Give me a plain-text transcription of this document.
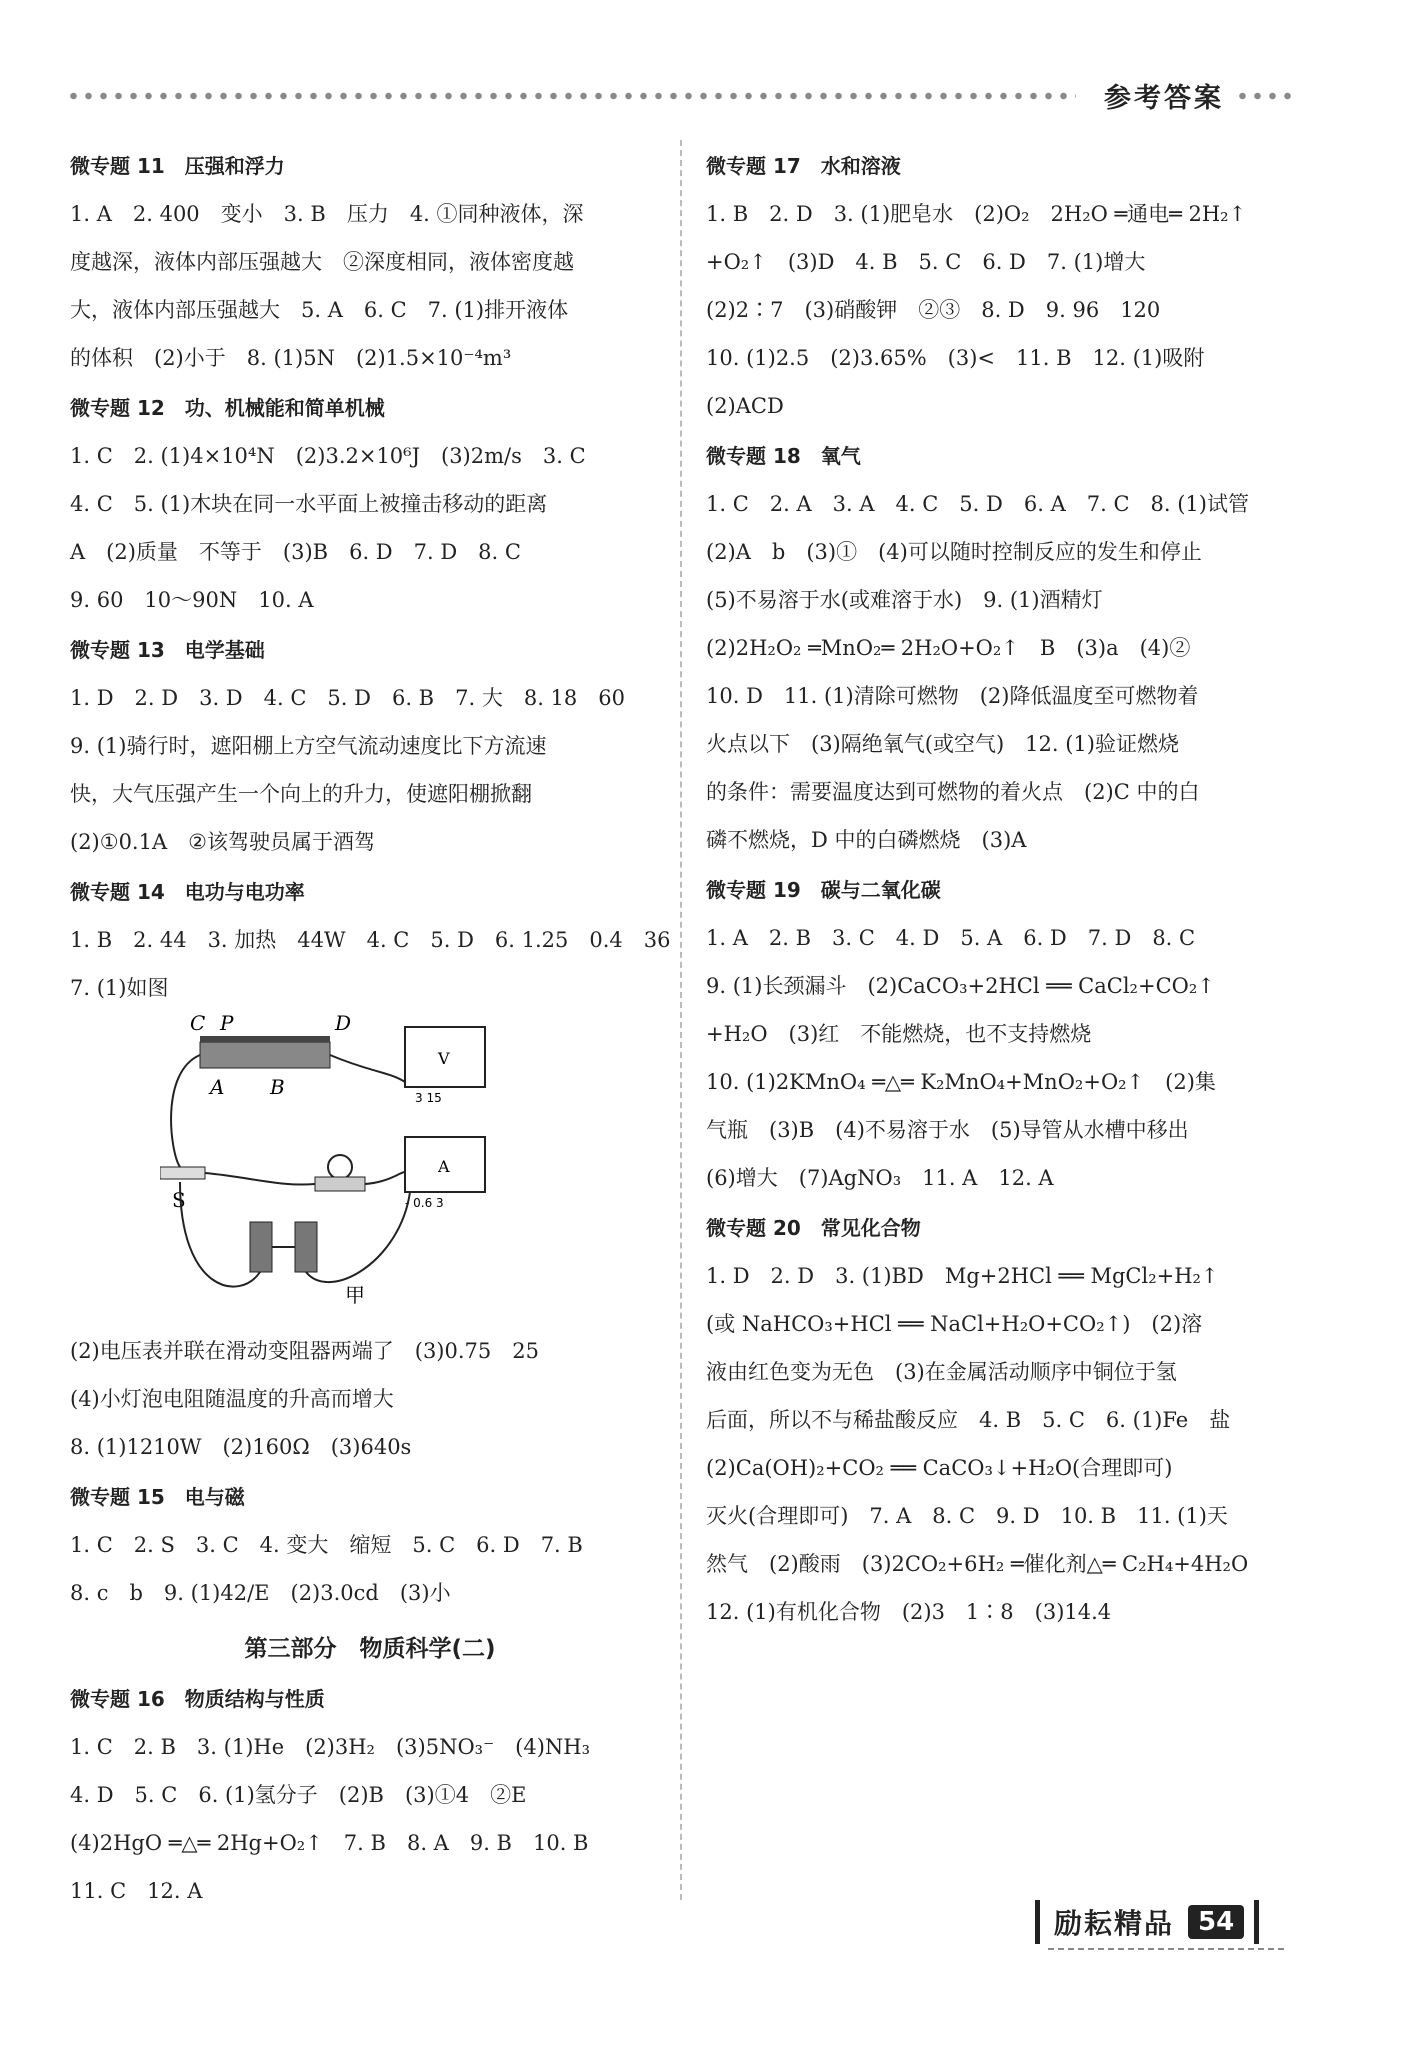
参考答案
微专题 11　压强和浮力
1. A　2. 400　变小　3. B　压力　4. ①同种液体，深
度越深，液体内部压强越大　②深度相同，液体密度越
大，液体内部压强越大　5. A　6. C　7. (1)排开液体
的体积　(2)小于　8. (1)5N　(2)1.5×10⁻⁴m³
微专题 12　功、机械能和简单机械
1. C　2. (1)4×10⁴N　(2)3.2×10⁶J　(3)2m/s　3. C
4. C　5. (1)木块在同一水平面上被撞击移动的距离
A　(2)质量　不等于　(3)B　6. D　7. D　8. C
9. 60　10～90N　10. A
微专题 13　电学基础
1. D　2. D　3. D　4. C　5. D　6. B　7. 大　8. 18　60
9. (1)骑行时，遮阳棚上方空气流动速度比下方流速
快，大气压强产生一个向上的升力，使遮阳棚掀翻
(2)①0.1A　②该驾驶员属于酒驾
微专题 14　电功与电功率
1. B　2. 44　3. 加热　44W　4. C　5. D　6. 1.25　0.4　36
7. (1)如图
C P	D
A B
V
3 15
A
- 0.6 3
S
甲
(2)电压表并联在滑动变阻器两端了　(3)0.75　25
(4)小灯泡电阻随温度的升高而增大
8. (1)1210W　(2)160Ω　(3)640s
微专题 15　电与磁
1. C　2. S　3. C　4. 变大　缩短　5. C　6. D　7. B
8. c　b　9. (1)42/E　(2)3.0cd　(3)小
第三部分　物质科学(二)
微专题 16　物质结构与性质
1. C　2. B　3. (1)He　(2)3H₂　(3)5NO₃⁻　(4)NH₃
4. D　5. C　6. (1)氢分子　(2)B　(3)①4　②E
(4)2HgO ═△═ 2Hg+O₂↑　7. B　8. A　9. B　10. B
11. C　12. A
微专题 17　水和溶液
1. B　2. D　3. (1)肥皂水　(2)O₂　2H₂O ═通电═ 2H₂↑
+O₂↑　(3)D　4. B　5. C　6. D　7. (1)增大
(2)2∶7　(3)硝酸钾　②③　8. D　9. 96　120
10. (1)2.5　(2)3.65%　(3)<　11. B　12. (1)吸附
(2)ACD
微专题 18　氧气
1. C　2. A　3. A　4. C　5. D　6. A　7. C　8. (1)试管
(2)A　b　(3)①　(4)可以随时控制反应的发生和停止
(5)不易溶于水(或难溶于水)　9. (1)酒精灯
(2)2H₂O₂ ═MnO₂═ 2H₂O+O₂↑　B　(3)a　(4)②
10. D　11. (1)清除可燃物　(2)降低温度至可燃物着
火点以下　(3)隔绝氧气(或空气)　12. (1)验证燃烧
的条件：需要温度达到可燃物的着火点　(2)C 中的白
磷不燃烧，D 中的白磷燃烧　(3)A
微专题 19　碳与二氧化碳
1. A　2. B　3. C　4. D　5. A　6. D　7. D　8. C
9. (1)长颈漏斗　(2)CaCO₃+2HCl ══ CaCl₂+CO₂↑
+H₂O　(3)红　不能燃烧，也不支持燃烧
10. (1)2KMnO₄ ═△═ K₂MnO₄+MnO₂+O₂↑　(2)集
气瓶　(3)B　(4)不易溶于水　(5)导管从水槽中移出
(6)增大　(7)AgNO₃　11. A　12. A
微专题 20　常见化合物
1. D　2. D　3. (1)BD　Mg+2HCl ══ MgCl₂+H₂↑
(或 NaHCO₃+HCl ══ NaCl+H₂O+CO₂↑)　(2)溶
液由红色变为无色　(3)在金属活动顺序中铜位于氢
后面，所以不与稀盐酸反应　4. B　5. C　6. (1)Fe　盐
(2)Ca(OH)₂+CO₂ ══ CaCO₃↓+H₂O(合理即可)
灭火(合理即可)　7. A　8. C　9. D　10. B　11. (1)天
然气　(2)酸雨　(3)2CO₂+6H₂ ═催化剂△═ C₂H₄+4H₂O
12. (1)有机化合物　(2)3　1∶8　(3)14.4
励耘精品 54
